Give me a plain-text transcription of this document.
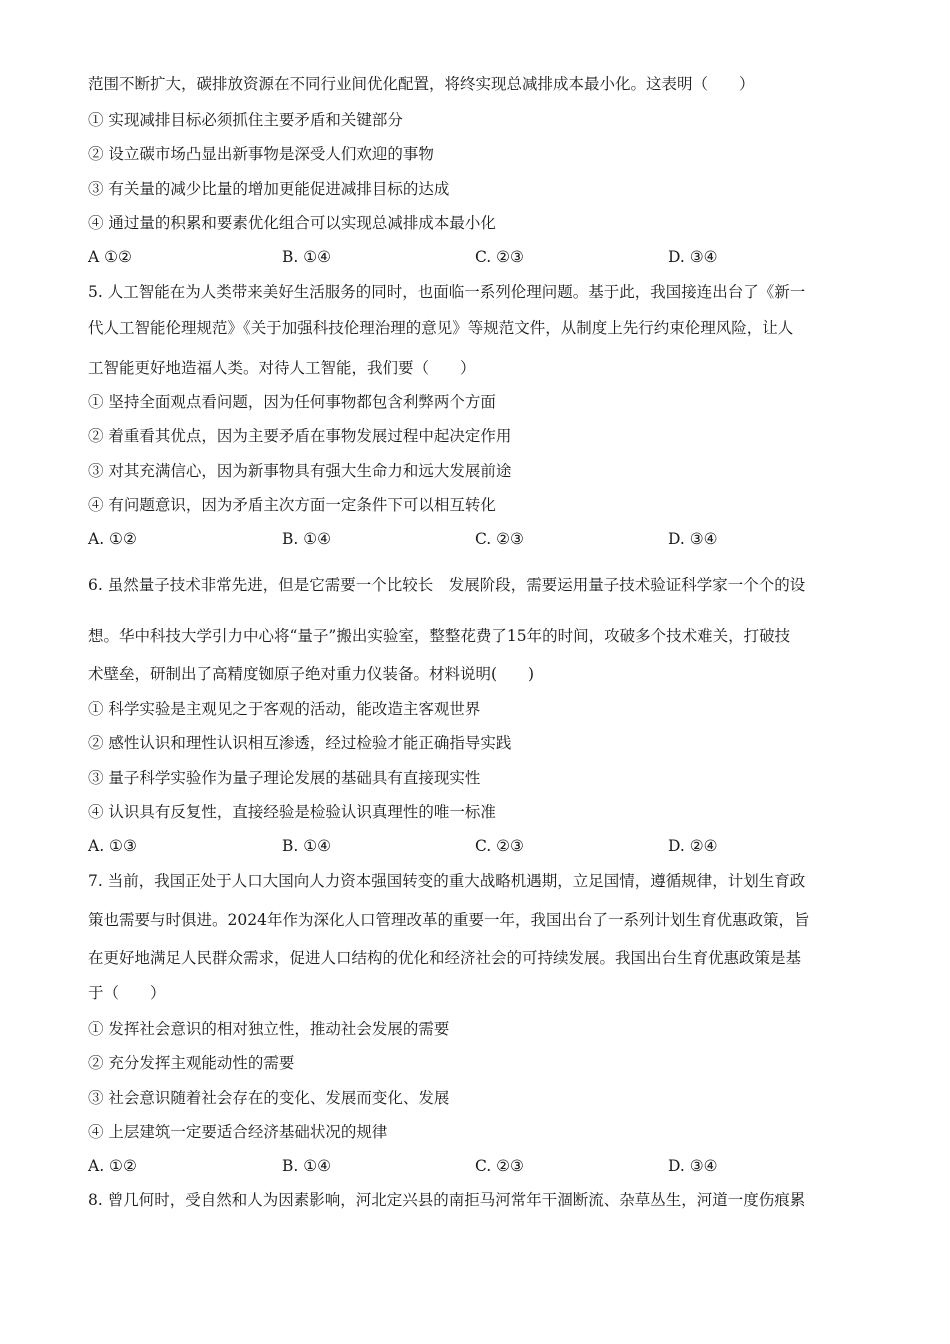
范围不断扩大，碳排放资源在不同行业间优化配置，将终实现总减排成本最小化。这表明（　　）
① 实现减排目标必须抓住主要矛盾和关键部分
② 设立碳市场凸显出新事物是深受人们欢迎的事物
③ 有关量的减少比量的增加更能促进减排目标的达成
④ 通过量的积累和要素优化组合可以实现总减排成本最小化
A ①②	B. ①④	C. ②③	D. ③④
5. 人工智能在为人类带来美好生活服务的同时，也面临一系列伦理问题。基于此，我国接连出台了《新一
代人工智能伦理规范》《关于加强科技伦理治理的意见》等规范文件，从制度上先行约束伦理风险，让人
工智能更好地造福人类。对待人工智能，我们要（　　）
① 坚持全面观点看问题，因为任何事物都包含利弊两个方面
② 着重看其优点，因为主要矛盾在事物发展过程中起决定作用
③ 对其充满信心，因为新事物具有强大生命力和远大发展前途
④ 有问题意识，因为矛盾主次方面一定条件下可以相互转化
A. ①②	B. ①④	C. ②③	D. ③④
6. 虽然量子技术非常先进，但是它需要一个比较长　发展阶段，需要运用量子技术验证科学家一个个的设
想。华中科技大学引力中心将“量子”搬出实验室，整整花费了15年的时间，攻破多个技术难关，打破技
术壁垒，研制出了高精度铷原子绝对重力仪装备。材料说明(　　)
① 科学实验是主观见之于客观的活动，能改造主客观世界
② 感性认识和理性认识相互渗透，经过检验才能正确指导实践
③ 量子科学实验作为量子理论发展的基础具有直接现实性
④ 认识具有反复性，直接经验是检验认识真理性的唯一标准
A. ①③	B. ①④	C. ②③	D. ②④
7. 当前，我国正处于人口大国向人力资本强国转变的重大战略机遇期，立足国情，遵循规律，计划生育政
策也需要与时俱进。2024年作为深化人口管理改革的重要一年，我国出台了一系列计划生育优惠政策，旨
在更好地满足人民群众需求，促进人口结构的优化和经济社会的可持续发展。我国出台生育优惠政策是基
于（　　）
① 发挥社会意识的相对独立性，推动社会发展的需要
② 充分发挥主观能动性的需要
③ 社会意识随着社会存在的变化、发展而变化、发展
④ 上层建筑一定要适合经济基础状况的规律
A. ①②	B. ①④	C. ②③	D. ③④
8. 曾几何时，受自然和人为因素影响，河北定兴县的南拒马河常年干涸断流、杂草丛生，河道一度伤痕累
